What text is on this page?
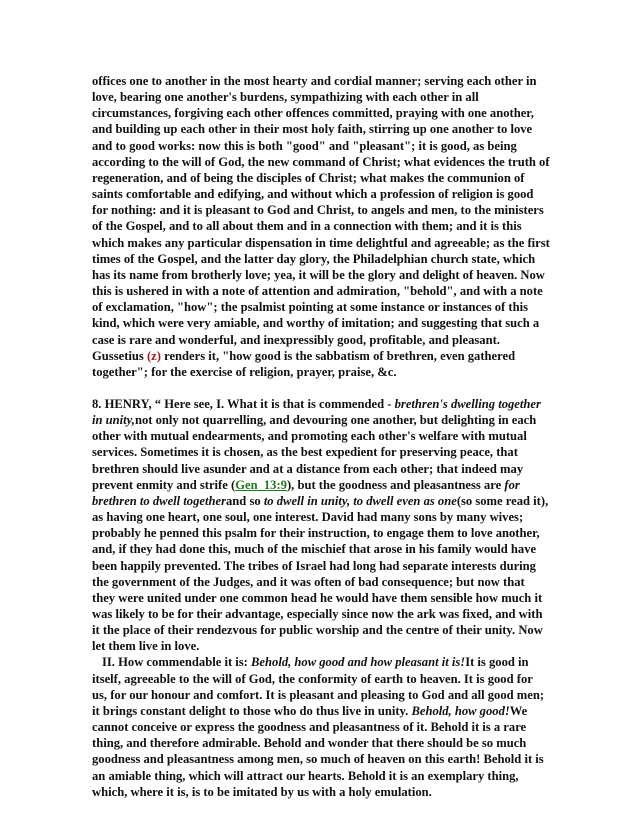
offices one to another in the most hearty and cordial manner; serving each other in love, bearing one another's burdens, sympathizing with each other in all circumstances, forgiving each other offences committed, praying with one another, and building up each other in their most holy faith, stirring up one another to love and to good works: now this is both "good" and "pleasant"; it is good, as being according to the will of God, the new command of Christ; what evidences the truth of regeneration, and of being the disciples of Christ; what makes the communion of saints comfortable and edifying, and without which a profession of religion is good for nothing: and it is pleasant to God and Christ, to angels and men, to the ministers of the Gospel, and to all about them and in a connection with them; and it is this which makes any particular dispensation in time delightful and agreeable; as the first times of the Gospel, and the latter day glory, the Philadelphian church state, which has its name from brotherly love; yea, it will be the glory and delight of heaven. Now this is ushered in with a note of attention and admiration, "behold", and with a note of exclamation, "how"; the psalmist pointing at some instance or instances of this kind, which were very amiable, and worthy of imitation; and suggesting that such a case is rare and wonderful, and inexpressibly good, profitable, and pleasant. Gussetius (z) renders it, "how good is the sabbatism of brethren, even gathered together"; for the exercise of religion, prayer, praise, &c.

8. HENRY, “ Here see, I. What it is that is commended - brethren's dwelling together in unity,not only not quarrelling, and devouring one another, but delighting in each other with mutual endearments, and promoting each other's welfare with mutual services. Sometimes it is chosen, as the best expedient for preserving peace, that brethren should live asunder and at a distance from each other; that indeed may prevent enmity and strife (Gen_13:9), but the goodness and pleasantness are for brethren to dwell togetherand so to dwell in unity, to dwell even as one(so some read it), as having one heart, one soul, one interest. David had many sons by many wives; probably he penned this psalm for their instruction, to engage them to love another, and, if they had done this, much of the mischief that arose in his family would have been happily prevented. The tribes of Israel had long had separate interests during the government of the Judges, and it was often of bad consequence; but now that they were united under one common head he would have them sensible how much it was likely to be for their advantage, especially since now the ark was fixed, and with it the place of their rendezvous for public worship and the centre of their unity. Now let them live in love.

II. How commendable it is: Behold, how good and how pleasant it is!It is good in itself, agreeable to the will of God, the conformity of earth to heaven. It is good for us, for our honour and comfort. It is pleasant and pleasing to God and all good men; it brings constant delight to those who do thus live in unity. Behold, how good!We cannot conceive or express the goodness and pleasantness of it. Behold it is a rare thing, and therefore admirable. Behold and wonder that there should be so much goodness and pleasantness among men, so much of heaven on this earth! Behold it is an amiable thing, which will attract our hearts. Behold it is an exemplary thing, which, where it is, is to be imitated by us with a holy emulation.
